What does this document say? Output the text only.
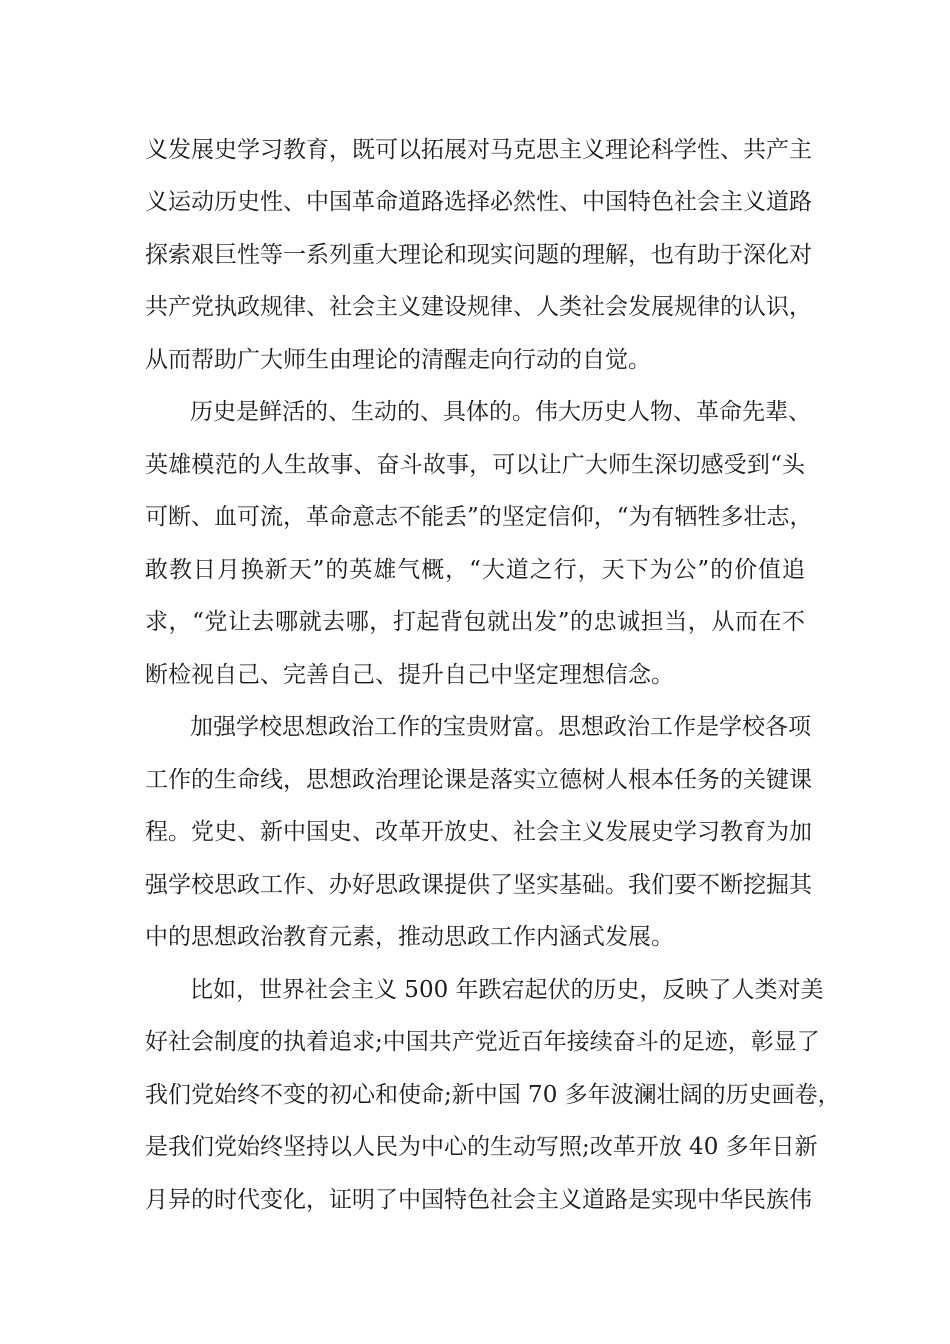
义发展史学习教育，既可以拓展对马克思主义理论科学性、共产主
义运动历史性、中国革命道路选择必然性、中国特色社会主义道路
探索艰巨性等一系列重大理论和现实问题的理解，也有助于深化对
共产党执政规律、社会主义建设规律、人类社会发展规律的认识，
从而帮助广大师生由理论的清醒走向行动的自觉。
历史是鲜活的、生动的、具体的。伟大历史人物、革命先辈、
英雄模范的人生故事、奋斗故事，可以让广大师生深切感受到“头
可断、血可流，革命意志不能丢”的坚定信仰，“为有牺牲多壮志，
敢教日月换新天”的英雄气概，“大道之行，天下为公”的价值追
求，“党让去哪就去哪，打起背包就出发”的忠诚担当，从而在不
断检视自己、完善自己、提升自己中坚定理想信念。
加强学校思想政治工作的宝贵财富。思想政治工作是学校各项
工作的生命线，思想政治理论课是落实立德树人根本任务的关键课
程。党史、新中国史、改革开放史、社会主义发展史学习教育为加
强学校思政工作、办好思政课提供了坚实基础。我们要不断挖掘其
中的思想政治教育元素，推动思政工作内涵式发展。
比如，世界社会主义 500 年跌宕起伏的历史，反映了人类对美
好社会制度的执着追求;中国共产党近百年接续奋斗的足迹，彰显了
我们党始终不变的初心和使命;新中国 70 多年波澜壮阔的历史画卷，
是我们党始终坚持以人民为中心的生动写照;改革开放 40 多年日新
月异的时代变化，证明了中国特色社会主义道路是实现中华民族伟
